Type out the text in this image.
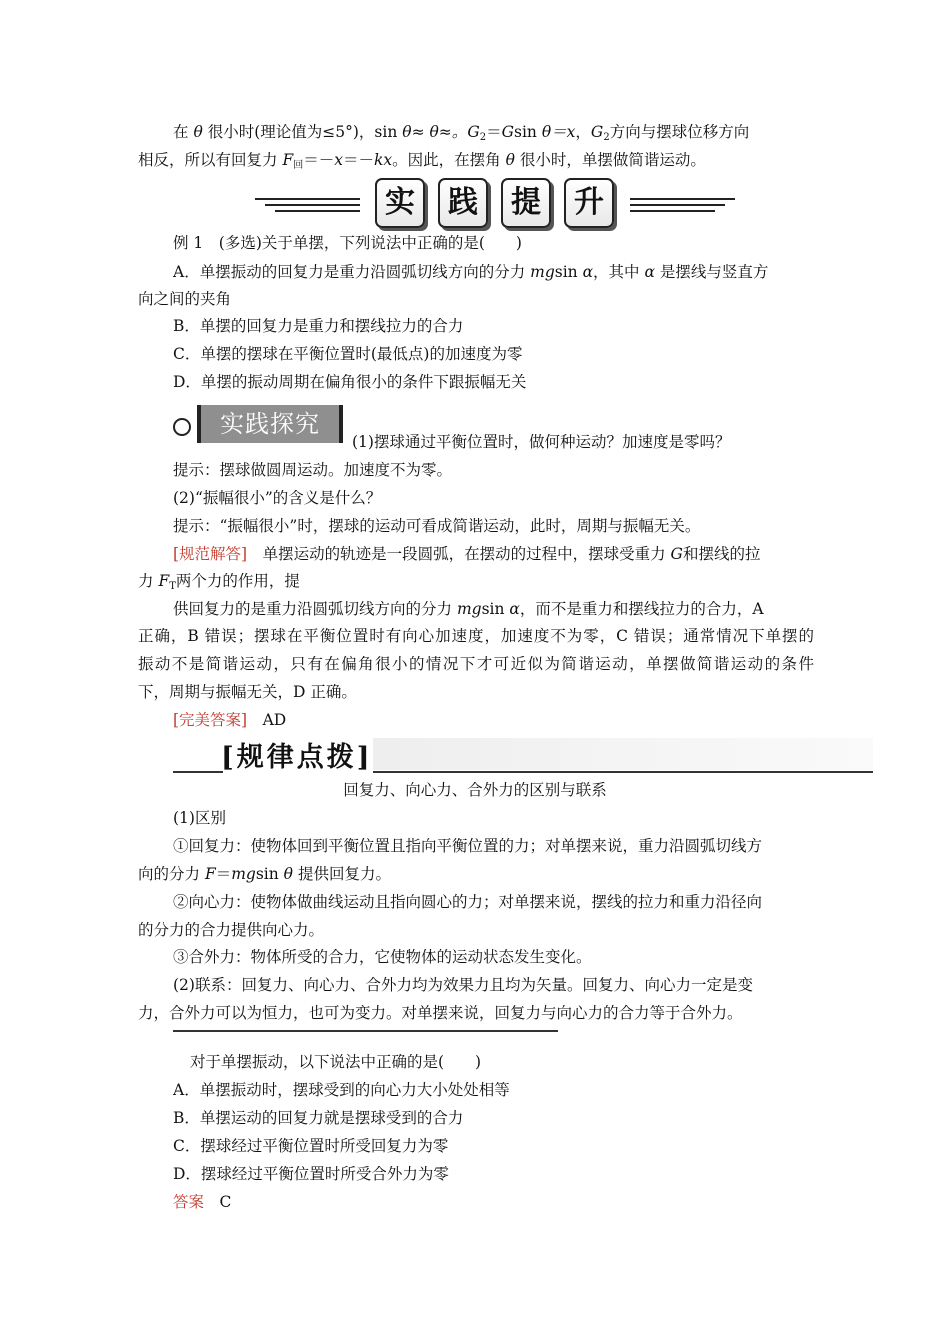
在 θ 很小时(理论值为≤5°)，sin θ≈ θ≈。$G_2=Gsin$ θ＝x，$G_2$方向与摆球位移方向
相反，所以有回复力 $F_回=-x=-kx$。因此，在摆角 θ 很小时，单摆做简谐运动。
实	践	提	升
例 1　(多选)关于单摆，下列说法中正确的是(　　)
A．单摆振动的回复力是重力沿圆弧切线方向的分力 mgsin α，其中 α 是摆线与竖直方
向之间的夹角
B．单摆的回复力是重力和摆线拉力的合力
C．单摆的摆球在平衡位置时(最低点)的加速度为零
D．单摆的振动周期在偏角很小的条件下跟振幅无关
实践探究
(1)摆球通过平衡位置时，做何种运动？加速度是零吗？
提示：摆球做圆周运动。加速度不为零。
(2)“振幅很小”的含义是什么？
提示：“振幅很小”时，摆球的运动可看成简谐运动，此时，周期与振幅无关。
[规范解答]　单摆运动的轨迹是一段圆弧，在摆动的过程中，摆球受重力 G和摆线的拉
力 $F_T$两个力的作用，提
供回复力的是重力沿圆弧切线方向的分力 mgsin α，而不是重力和摆线拉力的合力，A
正确，B 错误；摆球在平衡位置时有向心加速度，加速度不为零，C 错误；通常情况下单摆的
振动不是简谐运动，只有在偏角很小的情况下才可近似为简谐运动，单摆做简谐运动的条件
下，周期与振幅无关，D 正确。
[完美答案]　AD
[规律点拨]
回复力、向心力、合外力的区别与联系
(1)区别
①回复力：使物体回到平衡位置且指向平衡位置的力；对单摆来说，重力沿圆弧切线方
向的分力 F＝mgsin θ 提供回复力。
②向心力：使物体做曲线运动且指向圆心的力；对单摆来说，摆线的拉力和重力沿径向
的分力的合力提供向心力。
③合外力：物体所受的合力，它使物体的运动状态发生变化。
(2)联系：回复力、向心力、合外力均为效果力且均为矢量。回复力、向心力一定是变
力，合外力可以为恒力，也可为变力。对单摆来说，回复力与向心力的合力等于合外力。
对于单摆振动，以下说法中正确的是(　　)
A．单摆振动时，摆球受到的向心力大小处处相等
B．单摆运动的回复力就是摆球受到的合力
C．摆球经过平衡位置时所受回复力为零
D．摆球经过平衡位置时所受合外力为零
答案　C
